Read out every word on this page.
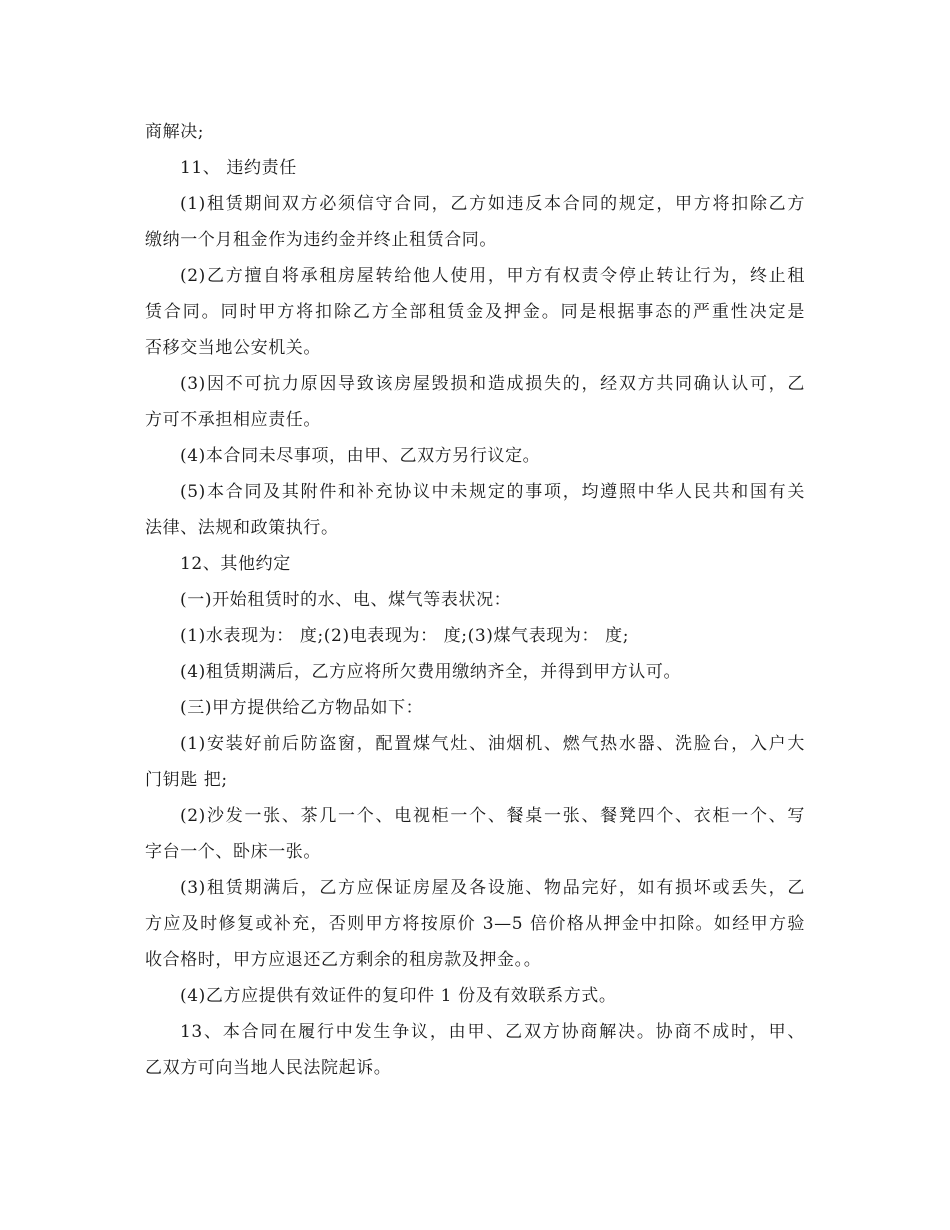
商解决;
11、 违约责任
(1)租赁期间双方必须信守合同，乙方如违反本合同的规定，甲方将扣除乙方
缴纳一个月租金作为违约金并终止租赁合同。
(2)乙方擅自将承租房屋转给他人使用，甲方有权责令停止转让行为，终止租
赁合同。同时甲方将扣除乙方全部租赁金及押金。同是根据事态的严重性决定是
否移交当地公安机关。
(3)因不可抗力原因导致该房屋毁损和造成损失的，经双方共同确认认可，乙
方可不承担相应责任。
(4)本合同未尽事项，由甲、乙双方另行议定。
(5)本合同及其附件和补充协议中未规定的事项，均遵照中华人民共和国有关
法律、法规和政策执行。
12、其他约定
(一)开始租赁时的水、电、煤气等表状况：
(1)水表现为： 度;(2)电表现为： 度;(3)煤气表现为： 度;
(4)租赁期满后，乙方应将所欠费用缴纳齐全，并得到甲方认可。
(三)甲方提供给乙方物品如下：
(1)安装好前后防盗窗，配置煤气灶、油烟机、燃气热水器、洗脸台，入户大
门钥匙 把;
(2)沙发一张、茶几一个、电视柜一个、餐桌一张、餐凳四个、衣柜一个、写
字台一个、卧床一张。
(3)租赁期满后，乙方应保证房屋及各设施、物品完好，如有损坏或丢失，乙
方应及时修复或补充，否则甲方将按原价 3—5 倍价格从押金中扣除。如经甲方验
收合格时，甲方应退还乙方剩余的租房款及押金。。
(4)乙方应提供有效证件的复印件 1 份及有效联系方式。
13、本合同在履行中发生争议，由甲、乙双方协商解决。协商不成时，甲、
乙双方可向当地人民法院起诉。
